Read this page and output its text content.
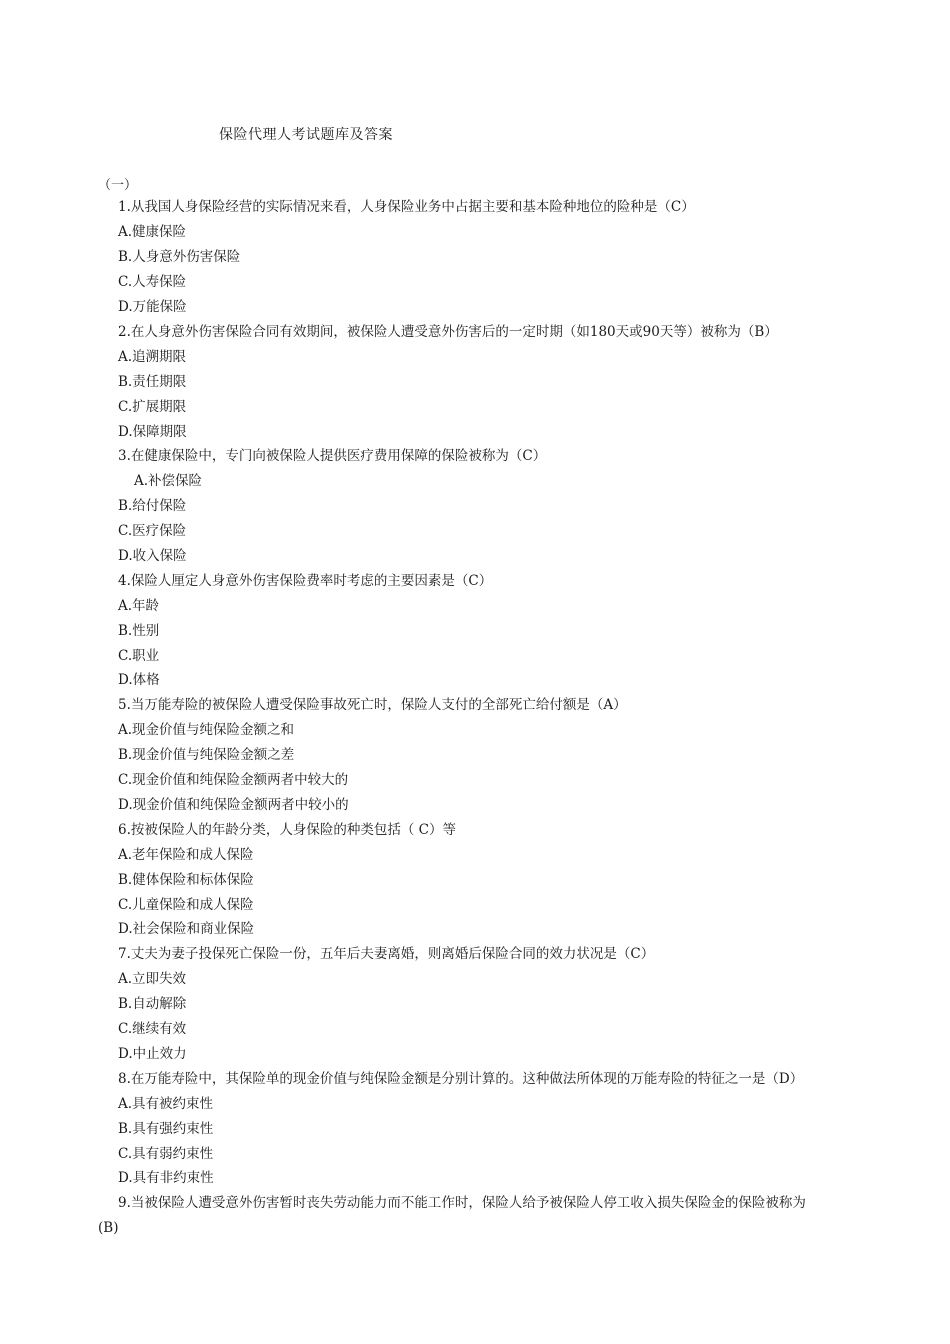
保险代理人考试题库及答案
（一）
1.从我国人身保险经营的实际情况来看，人身保险业务中占据主要和基本险种地位的险种是（C）
A.健康保险
B.人身意外伤害保险
C.人寿保险
D.万能保险
2.在人身意外伤害保险合同有效期间，被保险人遭受意外伤害后的一定时期（如180天或90天等）被称为（B）
A.追溯期限
B.责任期限
C.扩展期限
D.保障期限
3.在健康保险中，专门向被保险人提供医疗费用保障的保险被称为（C）
A.补偿保险
B.给付保险
C.医疗保险
D.收入保险
4.保险人厘定人身意外伤害保险费率时考虑的主要因素是（C）
A.年龄
B.性别
C.职业
D.体格
5.当万能寿险的被保险人遭受保险事故死亡时，保险人支付的全部死亡给付额是（A）
A.现金价值与纯保险金额之和
B.现金价值与纯保险金额之差
C.现金价值和纯保险金额两者中较大的
D.现金价值和纯保险金额两者中较小的
6.按被保险人的年龄分类，人身保险的种类包括（ C）等
A.老年保险和成人保险
B.健体保险和标体保险
C.儿童保险和成人保险
D.社会保险和商业保险
7.丈夫为妻子投保死亡保险一份，五年后夫妻离婚，则离婚后保险合同的效力状况是（C）
A.立即失效
B.自动解除
C.继续有效
D.中止效力
8.在万能寿险中，其保险单的现金价值与纯保险金额是分别计算的。这种做法所体现的万能寿险的特征之一是（D）
A.具有被约束性
B.具有强约束性
C.具有弱约束性
D.具有非约束性
9.当被保险人遭受意外伤害暂时丧失劳动能力而不能工作时，保险人给予被保险人停工收入损失保险金的保险被称为
(B)
